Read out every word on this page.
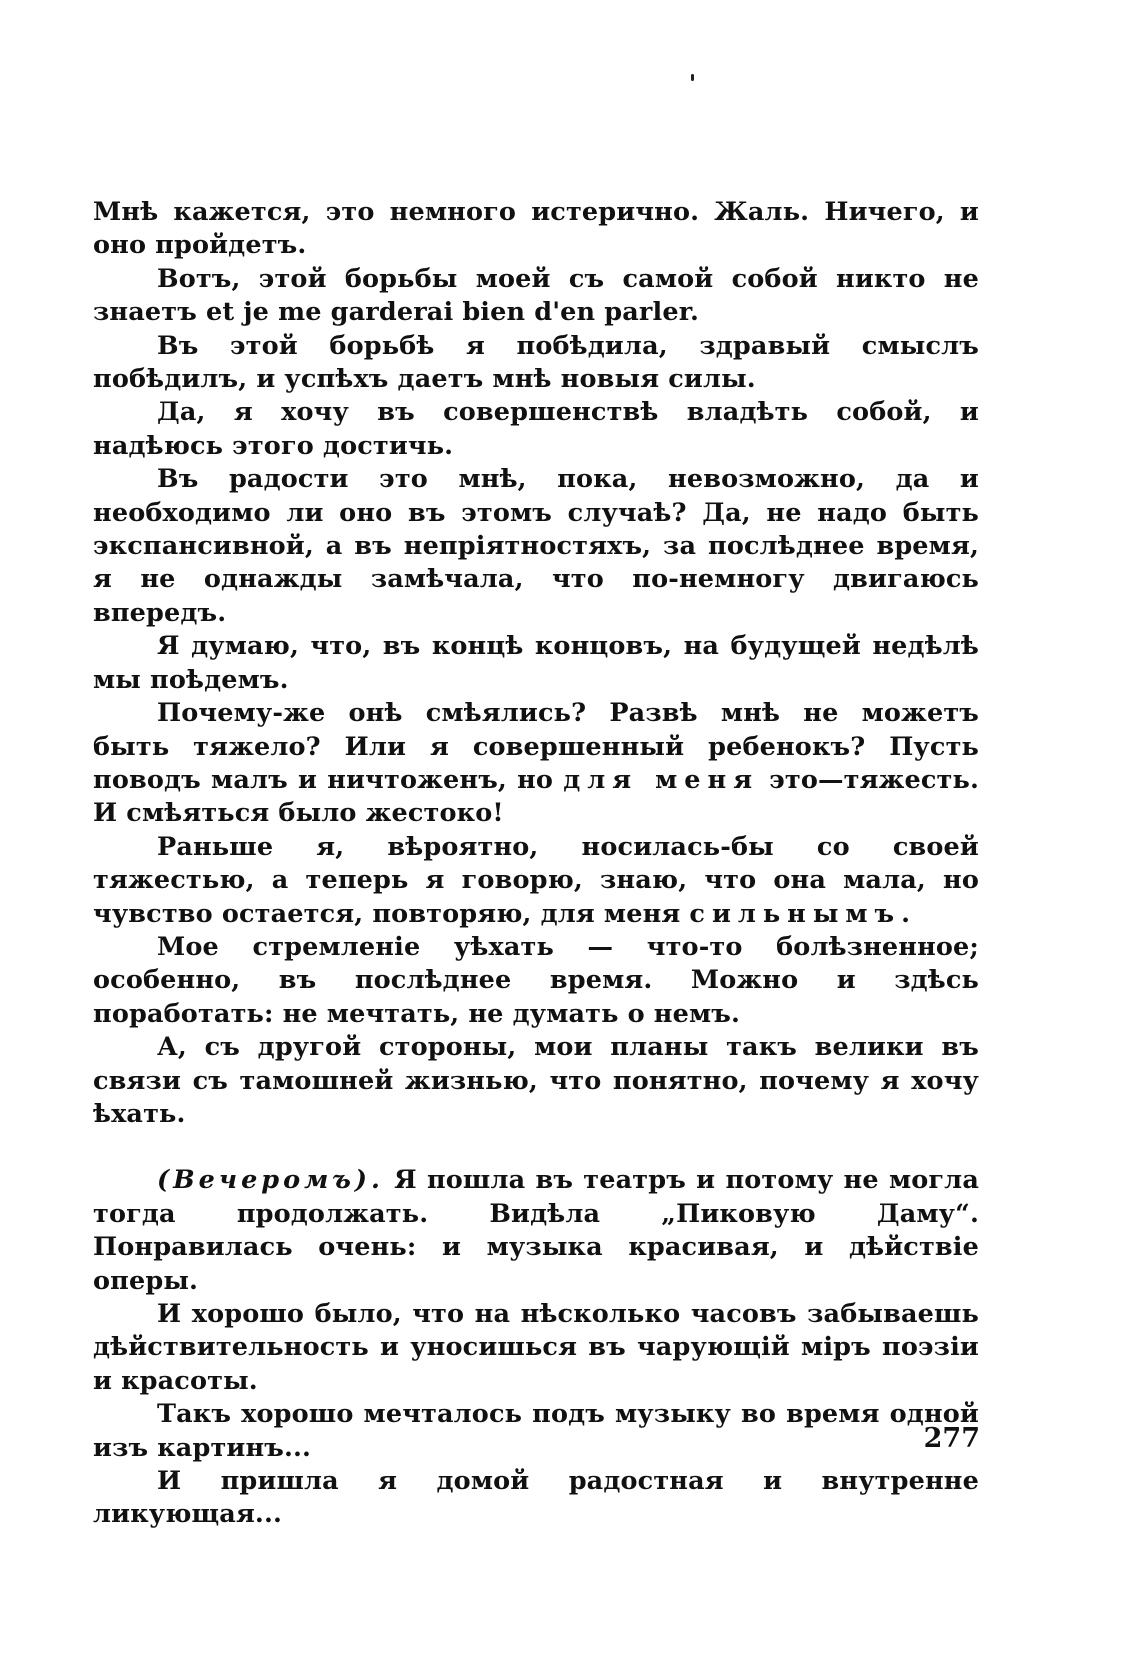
Мнѣ кажется, это немного истерично. Жаль. Ничего, и оно пройдетъ.

Вотъ, этой борьбы моей съ самой собой никто не знаетъ et je me garderai bien d'en parler.

Въ этой борьбѣ я побѣдила, здравый смыслъ побѣдилъ, и успѣхъ даетъ мнѣ новыя силы.

Да, я хочу въ совершенствѣ владѣть собой, и надѣюсь этого достичь.

Въ радости это мнѣ, пока, невозможно, да и необходимо ли оно въ этомъ случаѣ? Да, не надо быть экспансивной, а въ непріятностяхъ, за послѣднее время, я не однажды замѣчала, что по-немногу двигаюсь впередъ.

Я думаю, что, въ концѣ концовъ, на будущей недѣлѣ мы поѣдемъ.

Почему-же онѣ смѣялись? Развѣ мнѣ не можетъ быть тяжело? Или я совершенный ребенокъ? Пусть поводъ малъ и ничтоженъ, но для меня это—тяжесть. И смѣяться было жестоко!

Раньше я, вѣроятно, носилась-бы со своей тяжестью, а теперь я говорю, знаю, что она мала, но чувство остается, повторяю, для меня сильнымъ.

Мое стремленіе уѣхать — что-то болѣзненное; особенно, въ послѣднее время. Можно и здѣсь поработать: не мечтать, не думать о немъ.

А, съ другой стороны, мои планы такъ велики въ связи съ тамошней жизнью, что понятно, почему я хочу ѣхать.

(Вечеромъ). Я пошла въ театръ и потому не могла тогда продолжать. Видѣла „Пиковую Даму“. Понравилась очень: и музыка красивая, и дѣйствіе оперы.

И хорошо было, что на нѣсколько часовъ забываешь дѣйствительность и уносишься въ чарующій міръ поэзіи и красоты.

Такъ хорошо мечталось подъ музыку во время одной изъ картинъ...

И пришла я домой радостная и внутренне ликующая...

277
